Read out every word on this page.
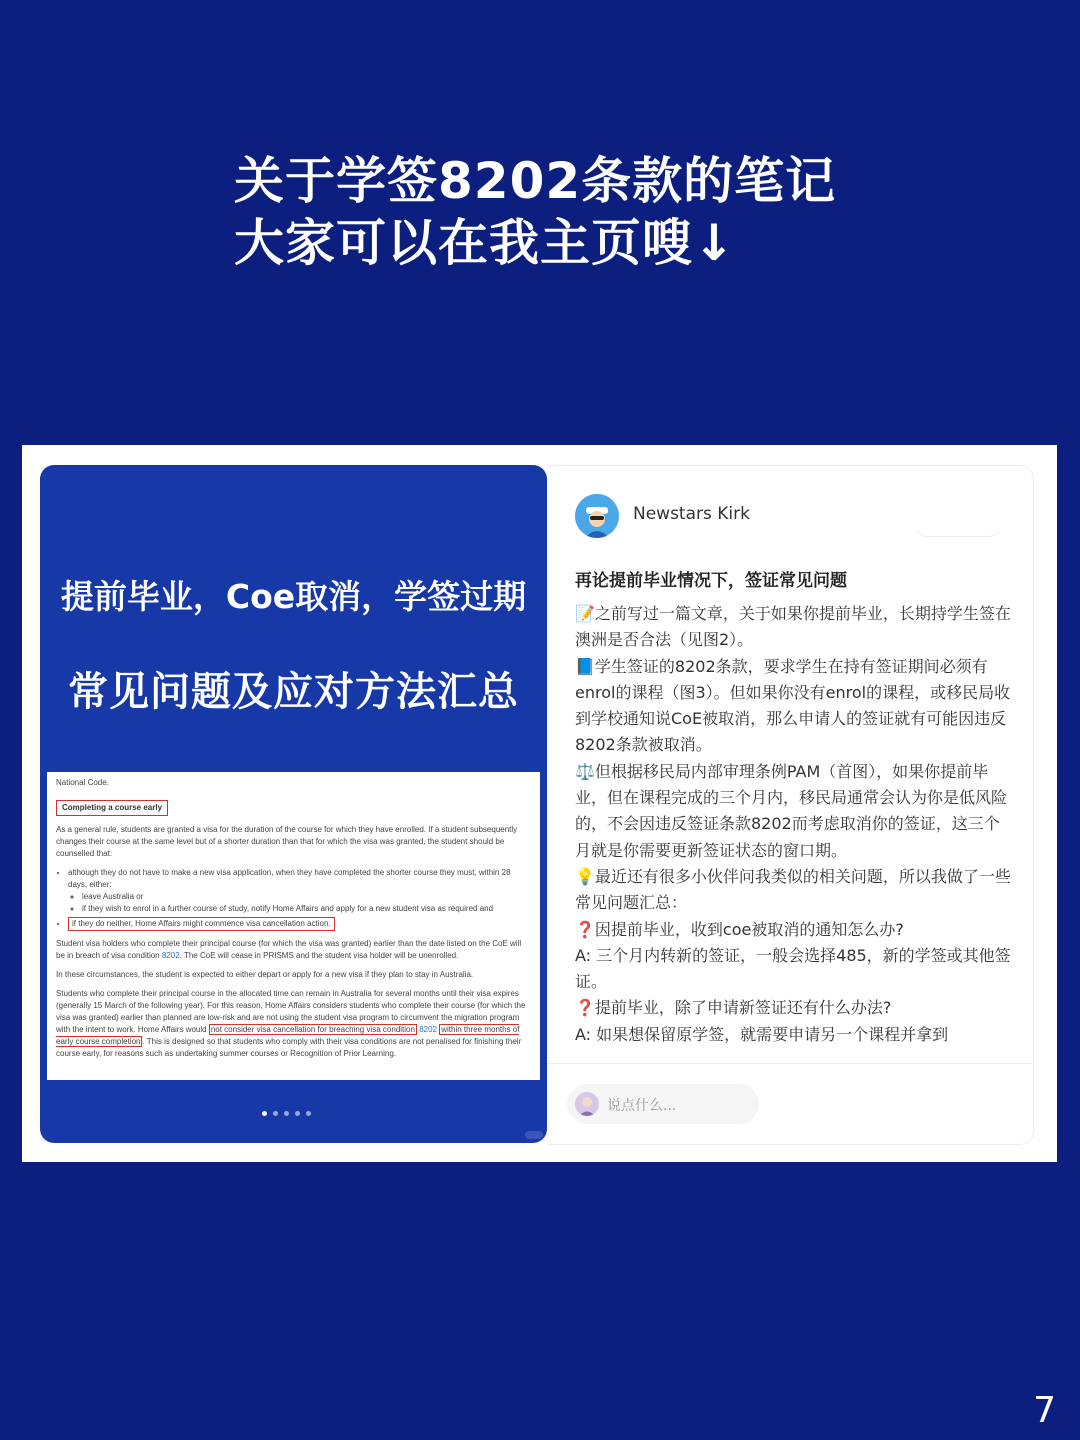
关于学签8202条款的笔记
大家可以在我主页嗖↓
提前毕业，Coe取消，学签过期
常见问题及应对方法汇总

National Code.

Completing a course early

As a general rule, students are granted a visa for the duration of the course for which they have enrolled. If a student subsequently changes their course at the same level but of a shorter duration than that for which the visa was granted, the student should be counselled that:

• although they do not have to make a new visa application, when they have completed the shorter course they must, within 28 days, either:
◦ leave Australia or
◦ if they wish to enrol in a further course of study, notify Home Affairs and apply for a new student visa as required and
• if they do neither, Home Affairs might commence visa cancellation action.

Student visa holders who complete their principal course (for which the visa was granted) earlier than the date listed on the CoE will be in breach of visa condition 8202. The CoE will cease in PRISMS and the student visa holder will be unenrolled.

In these circumstances, the student is expected to either depart or apply for a new visa if they plan to stay in Australia.

Students who complete their principal course in the allocated time can remain in Australia for several months until their visa expires (generally 15 March of the following year). For this reason, Home Affairs considers students who complete their course (for which the visa was granted) earlier than planned are low-risk and are not using the student visa program to circumvent the migration program with the intent to work. Home Affairs would not consider visa cancellation for breaching visa condition 8202 within three months of early course completion . This is designed so that students who comply with their visa conditions are not penalised for finishing their course early, for reasons such as undertaking summer courses or Recognition of Prior Learning.

Newstars Kirk
再论提前毕业情况下，签证常见问题

📝之前写过一篇文章，关于如果你提前毕业，长期持学生签在澳洲是否合法（见图2）。

📘学生签证的8202条款，要求学生在持有签证期间必须有enrol的课程（图3）。但如果你没有enrol的课程，或移民局收到学校通知说CoE被取消，那么申请人的签证就有可能因违反8202条款被取消。

⚖️但根据移民局内部审理条例PAM（首图），如果你提前毕业，但在课程完成的三个月内，移民局通常会认为你是低风险的，不会因违反签证条款8202而考虑取消你的签证，这三个月就是你需要更新签证状态的窗口期。

💡最近还有很多小伙伴问我类似的相关问题，所以我做了一些常见问题汇总：

❓因提前毕业，收到coe被取消的通知怎么办?

A: 三个月内转新的签证，一般会选择485，新的学签或其他签证。

❓提前毕业，除了申请新签证还有什么办法?

A: 如果想保留原学签，就需要申请另一个课程并拿到

说点什么...
7
